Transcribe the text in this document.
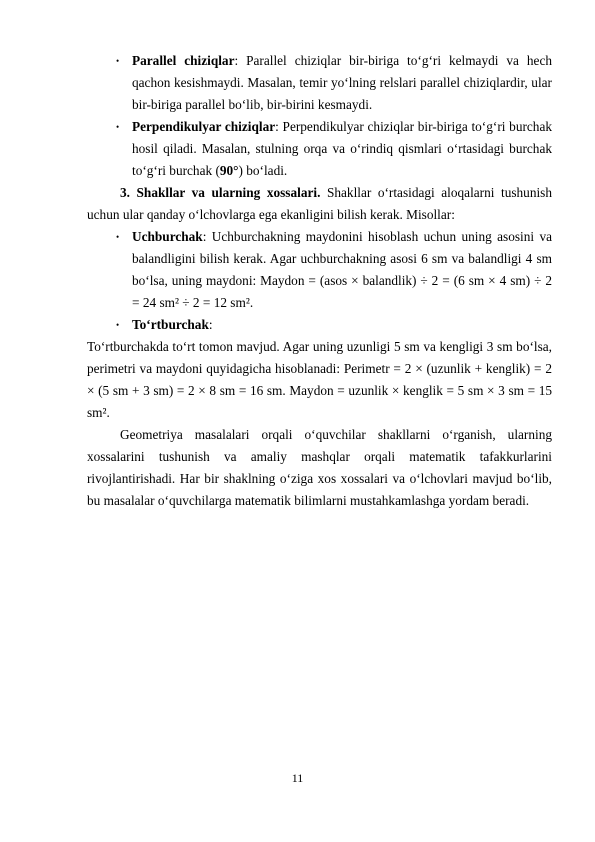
• Parallel chiziqlar: Parallel chiziqlar bir-biriga to‘g‘ri kelmaydi va hech qachon kesishmaydi. Masalan, temir yo‘lning relslari parallel chiziqlardir, ular bir-biriga parallel bo‘lib, bir-birini kesmaydi.

• Perpendikulyar chiziqlar: Perpendikulyar chiziqlar bir-biriga to‘g‘ri burchak hosil qiladi. Masalan, stulning orqa va o‘rindiq qismlari o‘rtasidagi burchak to‘g‘ri burchak (90°) bo‘ladi.

3. Shakllar va ularning xossalari. Shakllar o‘rtasidagi aloqalarni tushunish uchun ular qanday o‘lchovlarga ega ekanligini bilish kerak. Misollar:

• Uchburchak: Uchburchakning maydonini hisoblash uchun uning asosini va balandligini bilish kerak. Agar uchburchakning asosi 6 sm va balandligi 4 sm bo‘lsa, uning maydoni: Maydon = (asos × balandlik) ÷ 2 = (6 sm × 4 sm) ÷ 2 = 24 sm² ÷ 2 = 12 sm².

• To‘rtburchak:

To‘rtburchakda to‘rt tomon mavjud. Agar uning uzunligi 5 sm va kengligi 3 sm bo‘lsa, perimetri va maydoni quyidagicha hisoblanadi: Perimetr = 2 × (uzunlik + kenglik) = 2 × (5 sm + 3 sm) = 2 × 8 sm = 16 sm. Maydon = uzunlik × kenglik = 5 sm × 3 sm = 15 sm².

Geometriya masalalari orqali o‘quvchilar shakllarni o‘rganish, ularning xossalarini tushunish va amaliy mashqlar orqali matematik tafakkurlarini rivojlantirishadi. Har bir shaklning o‘ziga xos xossalari va o‘lchovlari mavjud bo‘lib, bu masalalar o‘quvchilarga matematik bilimlarni mustahkamlashga yordam beradi.

11
